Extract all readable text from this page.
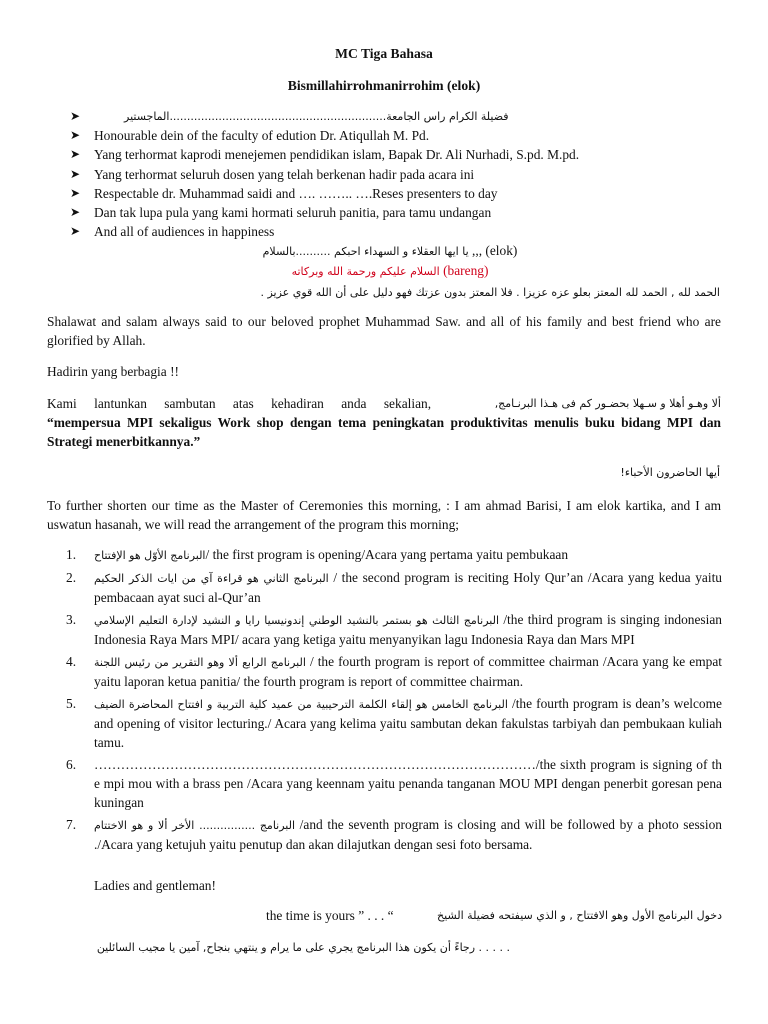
MC Tiga Bahasa
Bismillahirrohmanirrohim (elok)
➤	فضيلة الكرام راس الجامعة..............................................................الماجستير
➤	Honourable dein of the faculty of edution Dr. Atiqullah M. Pd.
➤	Yang terhormat kaprodi menejemen pendidikan islam, Bapak Dr. Ali Nurhadi, S.pd. M.pd.
➤	Yang terhormat seluruh dosen yang telah berkenan hadir pada acara ini
➤	Respectable dr. Muhammad saidi and …. …….. ….Reses presenters to day
➤	Dan tak lupa pula yang kami hormati seluruh panitia, para tamu undangan
➤	And all of audiences in happiness
يا ايها العقلاء و السهداء احبكم ..........بالسلام ,,, (elok)
السلام عليكم ورحمة الله وبركاته (bareng)
الحمد لله , الحمد لله المعتز بعلو عزه عزيزا . فلا المعتز بدون عزتك فهو دليل على أن الله قوي عزيز .

Shalawat and salam always said to our beloved prophet Muhammad Saw. and all of his family and best friend who are glorified by Allah.

Hadirin yang berbagia !!

Kami lantunkan sambutan atas kehadiran anda sekalian,	ألا وهـو أهلا و سـهلا بحضـور كم فى هـذا البرنـامج,

“mempersua MPI sekaligus Work shop dengan tema peningkatan produktivitas menulis buku bidang MPI dan Strategi menerbitkannya.”

أيها الحاضرون الأحباء!

To further shorten our time as the Master of Ceremonies this morning, : I am ahmad Barisi, I am elok kartika, and I am uswatun hasanah, we will read the arrangement of the program this morning;

1.	البرنامج الأوّل هو الإفتتاح/ the first program is opening/Acara yang pertama yaitu pembukaan
2.	البرنامج الثاني هو قراءة آي من ايات الذكر الحكيم / the second program is reciting Holy Qur’an /Acara yang kedua yaitu pembacaan ayat suci al-Qur’an
3.	البرنامج الثالث هو بستمر بالنشيد الوطني إندونيسيا رايا و النشيد لإدارة التعليم الإسلامي /the third program is singing indonesian Indonesia Raya Mars MPI/ acara yang ketiga yaitu menyanyikan lagu Indonesia Raya dan Mars MPI
4.	البرنامج الرابع ألا وهو التقرير من رئيس اللجنة / the fourth program is report of committee chairman /Acara yang ke empat yaitu laporan ketua panitia/ the fourth program is report of committee chairman.
5.	البرنامج الخامس هو إلقاء الكلمة الترحيبية من عميد كلية التربية و افتتاح المحاضرة الضيف /the fourth program is dean’s welcome and opening of visitor lecturing./ Acara yang kelima yaitu sambutan dekan fakulstas tarbiyah dan pembukaan kuliah tamu.
6.	………………………………………………………………………………………/the sixth program is signing of the mpi mou with a brass pen /Acara yang keennam yaitu penanda tanganan MOU MPI dengan penerbit goresan pena kuningan
7.	البرنامج ................ الأخر ألا و هو الاختتام /and the seventh program is closing and will be followed by a photo session ./Acara yang ketujuh yaitu penutup dan akan dilajutkan dengan sesi foto bersama.
Ladies and gentleman!
the time is yours ” . . . “	دخول البرنامج الأول وهو الافتتاح , و الذي سيفتحه فضيلة الشيخ
. . . . . رجاءً أن يكون هذا البرنامج يجري على ما يرام و ينتهي بنجاح, آمين يا مجيب السائلين
